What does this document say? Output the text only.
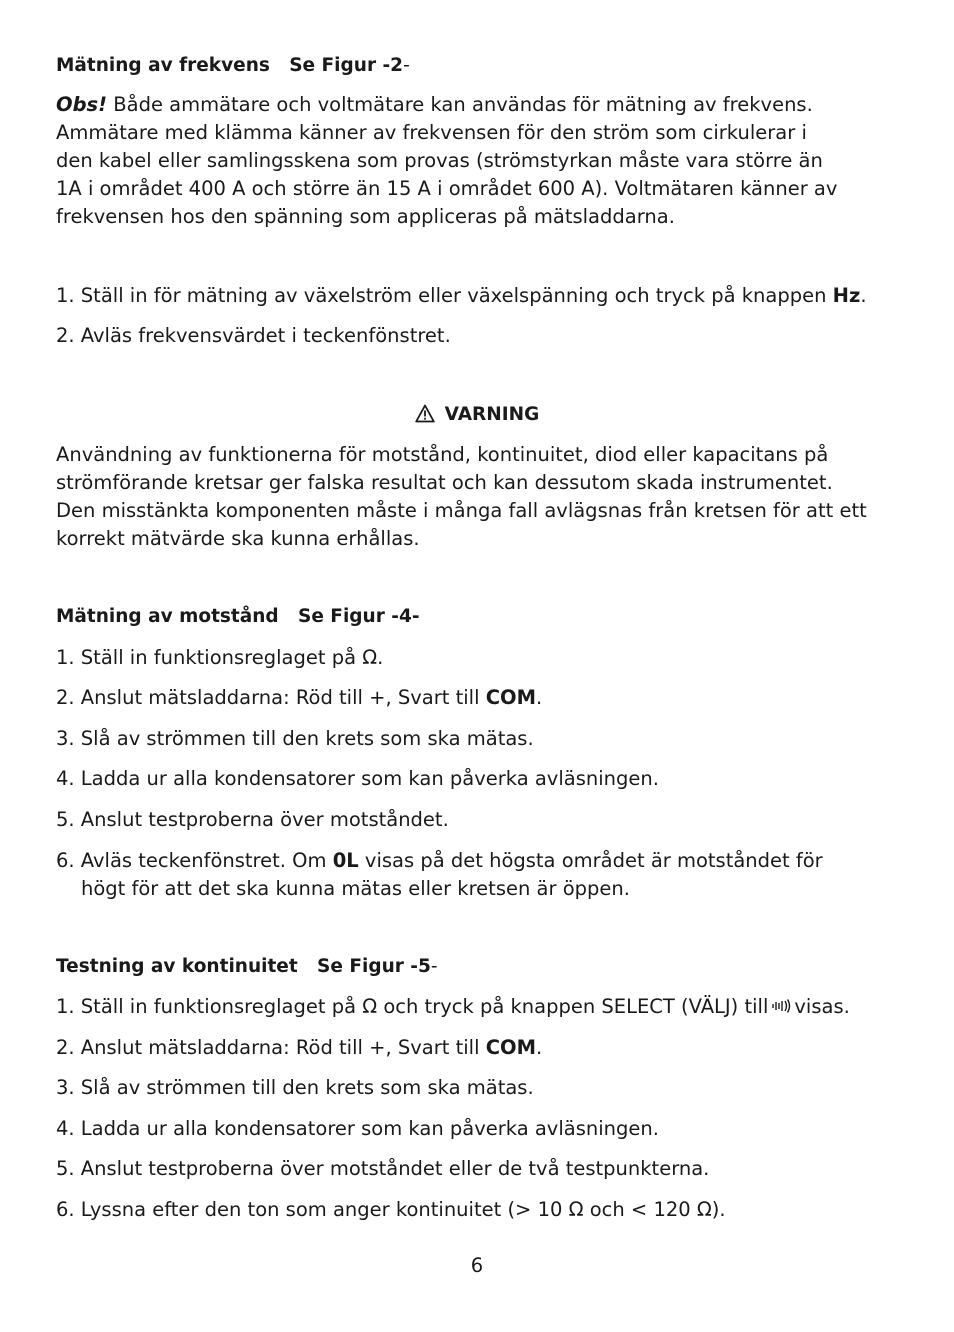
Mätning av frekvens Se Figur -2-
Obs! Både ammätare och voltmätare kan användas för mätning av frekvens.
Ammätare med klämma känner av frekvensen för den ström som cirkulerar i
den kabel eller samlingsskena som provas (strömstyrkan måste vara större än
1A i området 400 A och större än 15 A i området 600 A). Voltmätaren känner av
frekvensen hos den spänning som appliceras på mätsladdarna.
1. Ställ in för mätning av växelström eller växelspänning och tryck på knappen Hz.
2. Avläs frekvensvärdet i teckenfönstret.
VARNING
Användning av funktionerna för motstånd, kontinuitet, diod eller kapacitans på
strömförande kretsar ger falska resultat och kan dessutom skada instrumentet.
Den misstänkta komponenten måste i många fall avlägsnas från kretsen för att ett
korrekt mätvärde ska kunna erhållas.
Mätning av motstånd Se Figur -4-
1. Ställ in funktionsreglaget på Ω.
2. Anslut mätsladdarna: Röd till +, Svart till COM.
3. Slå av strömmen till den krets som ska mätas.
4. Ladda ur alla kondensatorer som kan påverka avläsningen.
5. Anslut testproberna över motståndet.
6. Avläs teckenfönstret. Om 0L visas på det högsta området är motståndet för
högt för att det ska kunna mätas eller kretsen är öppen.
Testning av kontinuitet Se Figur -5-
1. Ställ in funktionsreglaget på Ω och tryck på knappen SELECT (VÄLJ) till visas.
2. Anslut mätsladdarna: Röd till +, Svart till COM.
3. Slå av strömmen till den krets som ska mätas.
4. Ladda ur alla kondensatorer som kan påverka avläsningen.
5. Anslut testproberna över motståndet eller de två testpunkterna.
6. Lyssna efter den ton som anger kontinuitet (> 10 Ω och < 120 Ω).
6
